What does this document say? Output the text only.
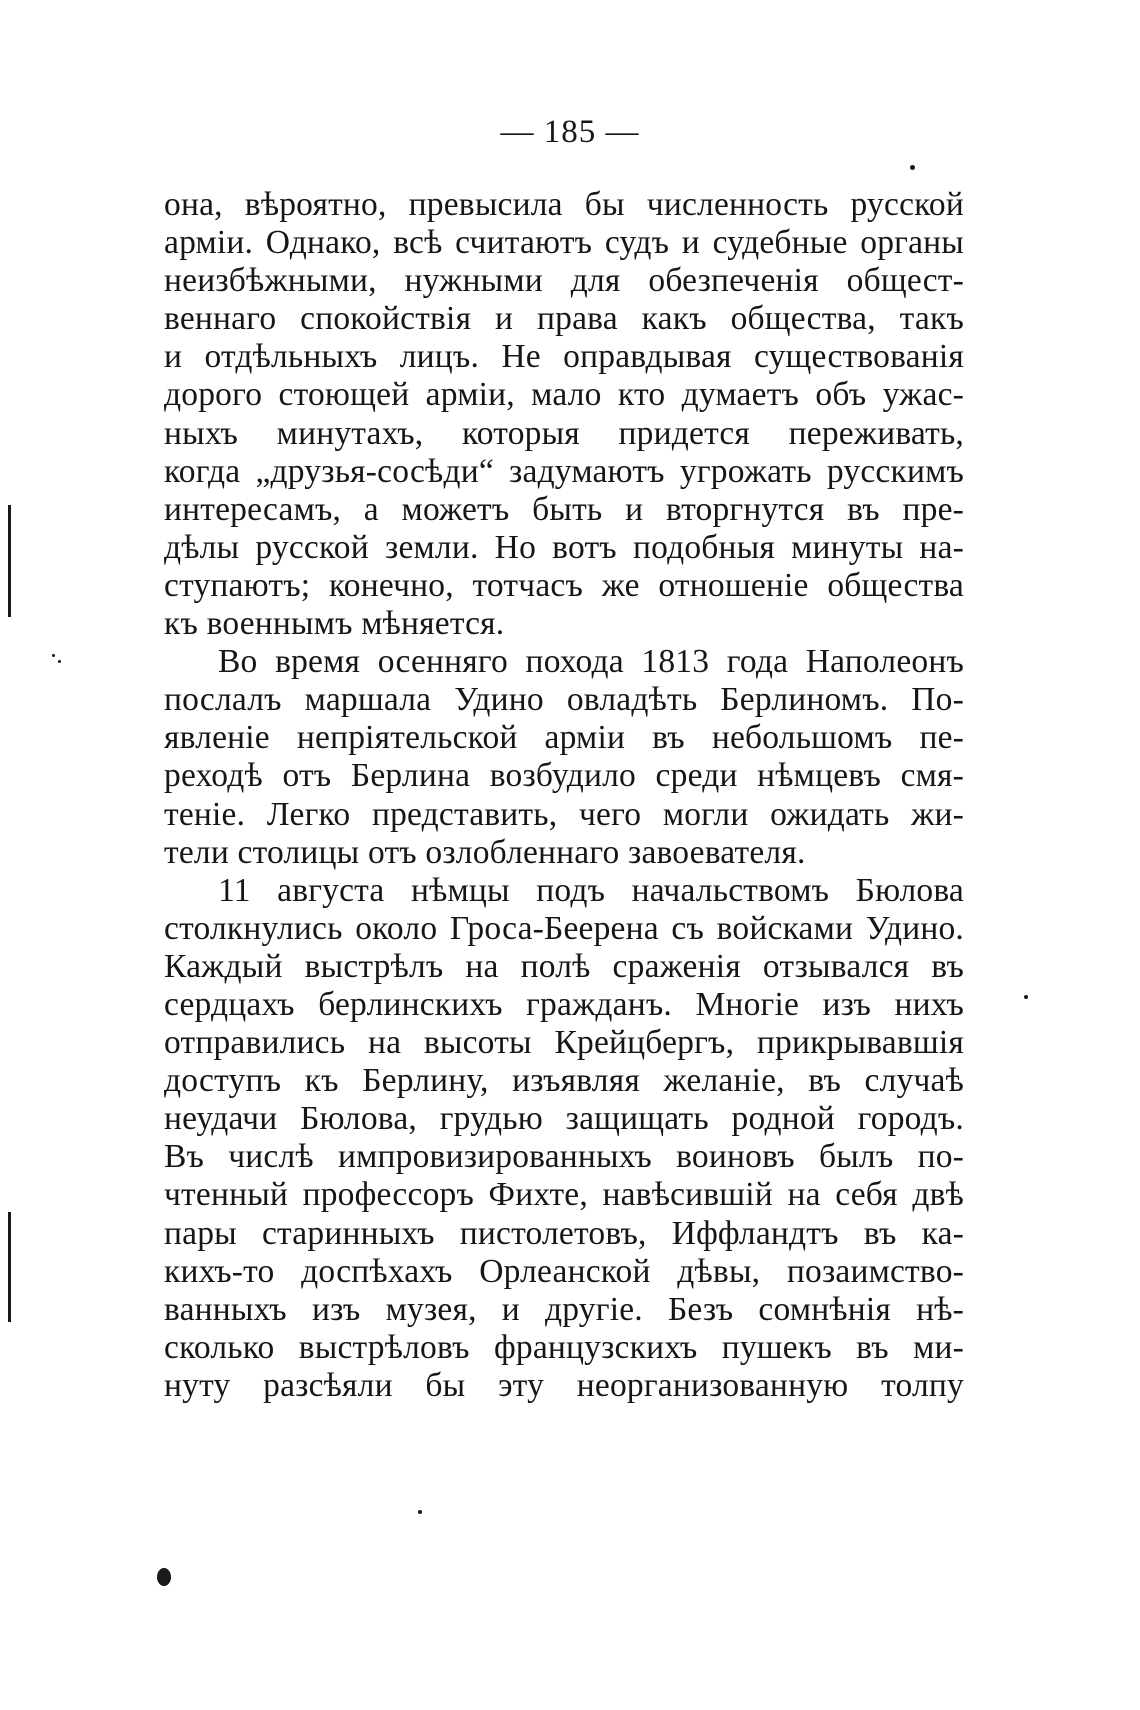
— 185 —
она, вѣроятно, превысила бы численность русской
арміи. Однако, всѣ считаютъ судъ и судебные органы
неизбѣжными, нужными для обезпеченія общест-
веннаго спокойствія и права какъ общества, такъ
и отдѣльныхъ лицъ. Не оправдывая существованія
дорого стоющей арміи, мало кто думаетъ объ ужас-
ныхъ минутахъ, которыя придется переживать,
когда „друзья-сосѣди“ задумаютъ угрожать русскимъ
интересамъ, а можетъ быть и вторгнутся въ пре-
дѣлы русской земли. Но вотъ подобныя минуты на-
ступаютъ; конечно, тотчасъ же отношеніе общества
къ военнымъ мѣняется.
Во время осенняго похода 1813 года Наполеонъ
послалъ маршала Удино овладѣть Берлиномъ. По-
явленіе непріятельской арміи въ небольшомъ пе-
реходѣ отъ Берлина возбудило среди нѣмцевъ смя-
теніе. Легко представить, чего могли ожидать жи-
тели столицы отъ озлобленнаго завоевателя.
11 августа нѣмцы подъ начальствомъ Бюлова
столкнулись около Гроса-Беерена съ войсками Удино.
Каждый выстрѣлъ на полѣ сраженія отзывался въ
сердцахъ берлинскихъ гражданъ. Многіе изъ нихъ
отправились на высоты Крейцбергъ, прикрывавшія
доступъ къ Берлину, изъявляя желаніе, въ случаѣ
неудачи Бюлова, грудью защищать родной городъ.
Въ числѣ импровизированныхъ воиновъ былъ по-
чтенный профессоръ Фихте, навѣсившій на себя двѣ
пары старинныхъ пистолетовъ, Иффландтъ въ ка-
кихъ-то доспѣхахъ Орлеанской дѣвы, позаимство-
ванныхъ изъ музея, и другіе. Безъ сомнѣнія нѣ-
сколько выстрѣловъ французскихъ пушекъ въ ми-
нуту разсѣяли бы эту неорганизованную толпу
